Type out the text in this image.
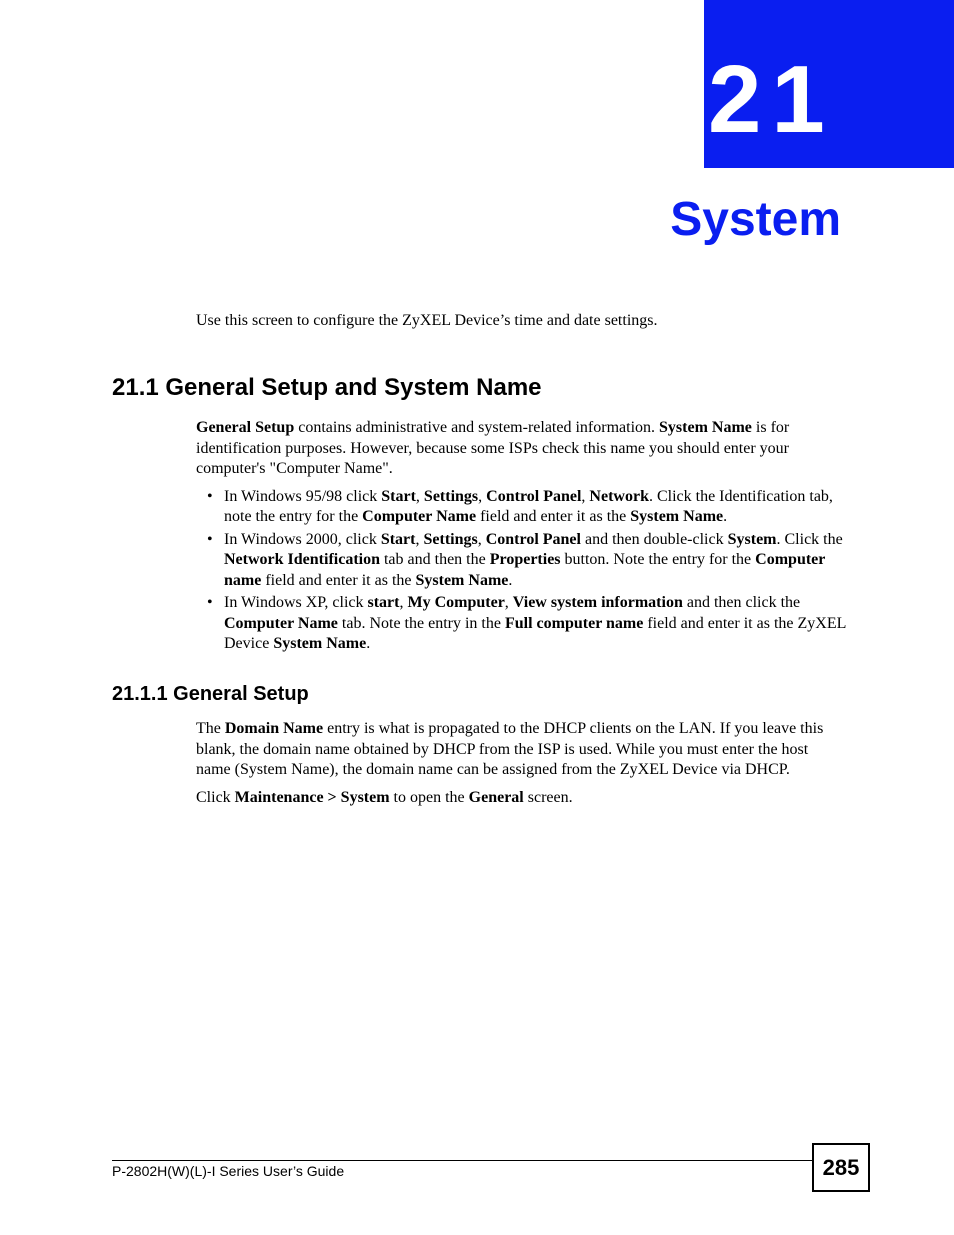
21
System

Use this screen to configure the ZyXEL Device’s time and date settings.

21.1 General Setup and System Name

General Setup contains administrative and system-related information. System Name is for identification purposes. However, because some ISPs check this name you should enter your computer's "Computer Name".

• In Windows 95/98 click Start, Settings, Control Panel, Network. Click the Identification tab, note the entry for the Computer Name field and enter it as the System Name.
• In Windows 2000, click Start, Settings, Control Panel and then double-click System. Click the Network Identification tab and then the Properties button. Note the entry for the Computer name field and enter it as the System Name.
• In Windows XP, click start, My Computer, View system information and then click the Computer Name tab. Note the entry in the Full computer name field and enter it as the ZyXEL Device System Name.
21.1.1 General Setup

The Domain Name entry is what is propagated to the DHCP clients on the LAN. If you leave this blank, the domain name obtained by DHCP from the ISP is used. While you must enter the host name (System Name), the domain name can be assigned from the ZyXEL Device via DHCP.

Click Maintenance > System to open the General screen.

P-2802H(W)(L)-I Series User’s Guide	285
